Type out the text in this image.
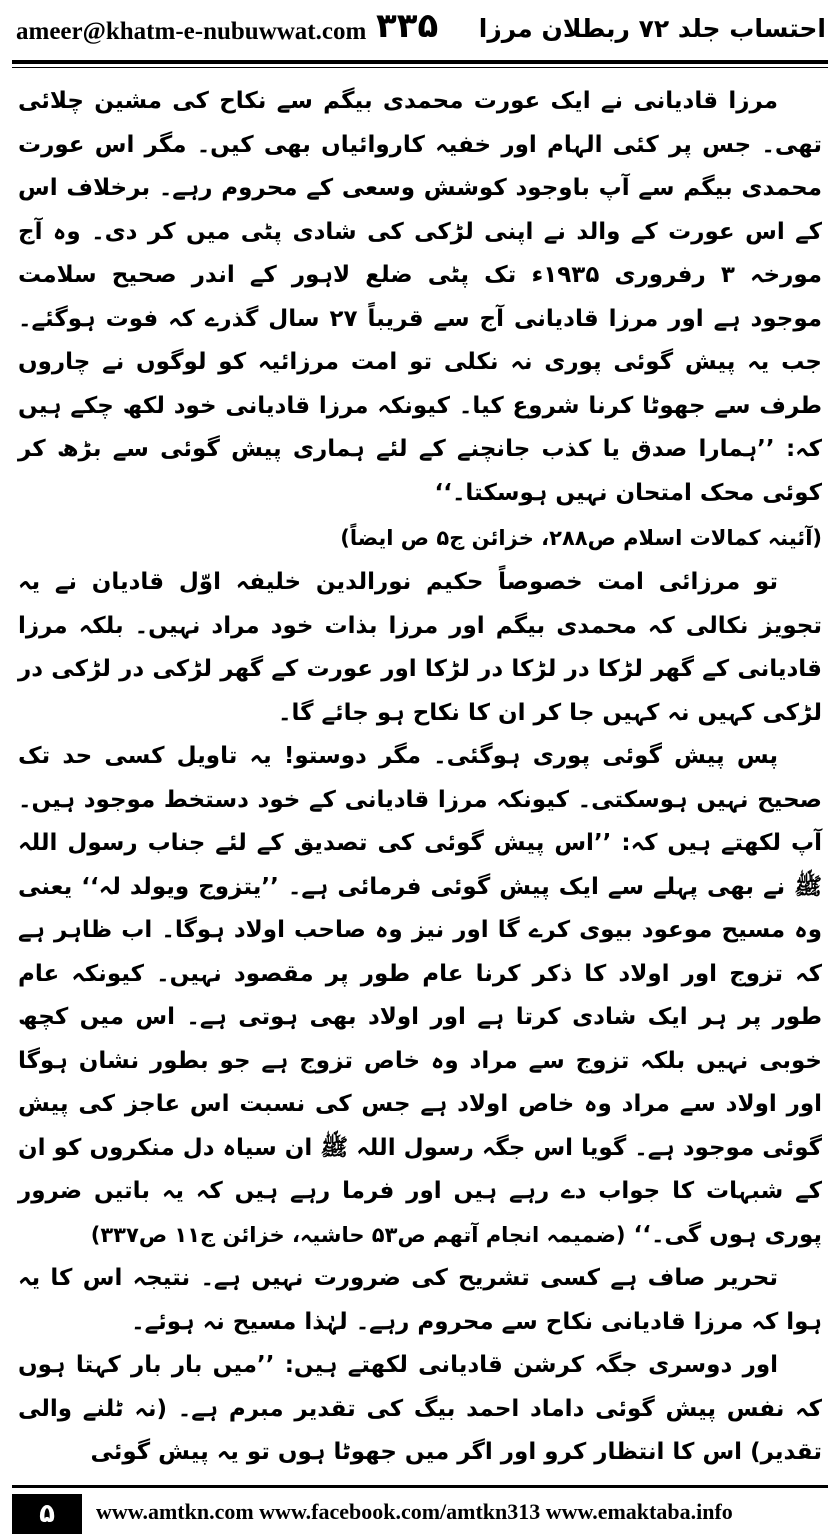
ameer@khatm-e-nubuwwat.com ۳۳۵ احتساب جلد ۷۲ ربطلان مرزا

مرزا قادیانی نے ایک عورت محمدی بیگم سے نکاح کی مشین چلائی تھی۔ جس پر کئی الہام اور خفیہ کاروائیاں بھی کیں۔ مگر اس عورت محمدی بیگم سے آپ باوجود کوشش وسعی کے محروم رہے۔ برخلاف اس کے اس عورت کے والد نے اپنی لڑکی کی شادی پٹی میں کر دی۔ وہ آج مورخہ ۳ رفروری ۱۹۳۵ء تک پٹی ضلع لاہور کے اندر صحیح سلامت موجود ہے اور مرزا قادیانی آج سے قریباً ۲۷ سال گذرے کہ فوت ہوگئے۔ جب یہ پیش گوئی پوری نہ نکلی تو امت مرزائیہ کو لوگوں نے چاروں طرف سے جھوٹا کرنا شروع کیا۔ کیونکہ مرزا قادیانی خود لکھ چکے ہیں کہ: ’’ہمارا صدق یا کذب جانچنے کے لئے ہماری پیش گوئی سے بڑھ کر کوئی محک امتحان نہیں ہوسکتا۔‘‘

(آئینہ کمالات اسلام ص۲۸۸، خزائن ج۵ ص ایضاً)

تو مرزائی امت خصوصاً حکیم نورالدین خلیفہ اوّل قادیان نے یہ تجویز نکالی کہ محمدی بیگم اور مرزا بذات خود مراد نہیں۔ بلکہ مرزا قادیانی کے گھر لڑکا در لڑکا در لڑکا اور عورت کے گھر لڑکی در لڑکی در لڑکی کہیں نہ کہیں جا کر ان کا نکاح ہو جائے گا۔

پس پیش گوئی پوری ہوگئی۔ مگر دوستو! یہ تاویل کسی حد تک صحیح نہیں ہوسکتی۔ کیونکہ مرزا قادیانی کے خود دستخط موجود ہیں۔ آپ لکھتے ہیں کہ: ’’اس پیش گوئی کی تصدیق کے لئے جناب رسول اللہ ﷺ نے بھی پہلے سے ایک پیش گوئی فرمائی ہے۔ ’’یتزوج ویولد لہ‘‘ یعنی وہ مسیح موعود بیوی کرے گا اور نیز وہ صاحب اولاد ہوگا۔ اب ظاہر ہے کہ تزوج اور اولاد کا ذکر کرنا عام طور پر مقصود نہیں۔ کیونکہ عام طور پر ہر ایک شادی کرتا ہے اور اولاد بھی ہوتی ہے۔ اس میں کچھ خوبی نہیں بلکہ تزوج سے مراد وہ خاص تزوج ہے جو بطور نشان ہوگا اور اولاد سے مراد وہ خاص اولاد ہے جس کی نسبت اس عاجز کی پیش گوئی موجود ہے۔ گویا اس جگہ رسول اللہ ﷺ ان سیاہ دل منکروں کو ان کے شبہات کا جواب دے رہے ہیں اور فرما رہے ہیں کہ یہ باتیں ضرور پوری ہوں گی۔‘‘ (ضمیمہ انجام آتھم ص۵۳ حاشیہ، خزائن ج۱۱ ص۳۳۷)

تحریر صاف ہے کسی تشریح کی ضرورت نہیں ہے۔ نتیجہ اس کا یہ ہوا کہ مرزا قادیانی نکاح سے محروم رہے۔ لہٰذا مسیح نہ ہوئے۔

اور دوسری جگہ کرشن قادیانی لکھتے ہیں: ’’میں بار بار کہتا ہوں کہ نفس پیش گوئی داماد احمد بیگ کی تقدیر مبرم ہے۔ (نہ ٹلنے والی تقدیر) اس کا انتظار کرو اور اگر میں جھوٹا ہوں تو یہ پیش گوئی

۵	www.amtkn.com www.facebook.com/amtkn313 www.emaktaba.info
